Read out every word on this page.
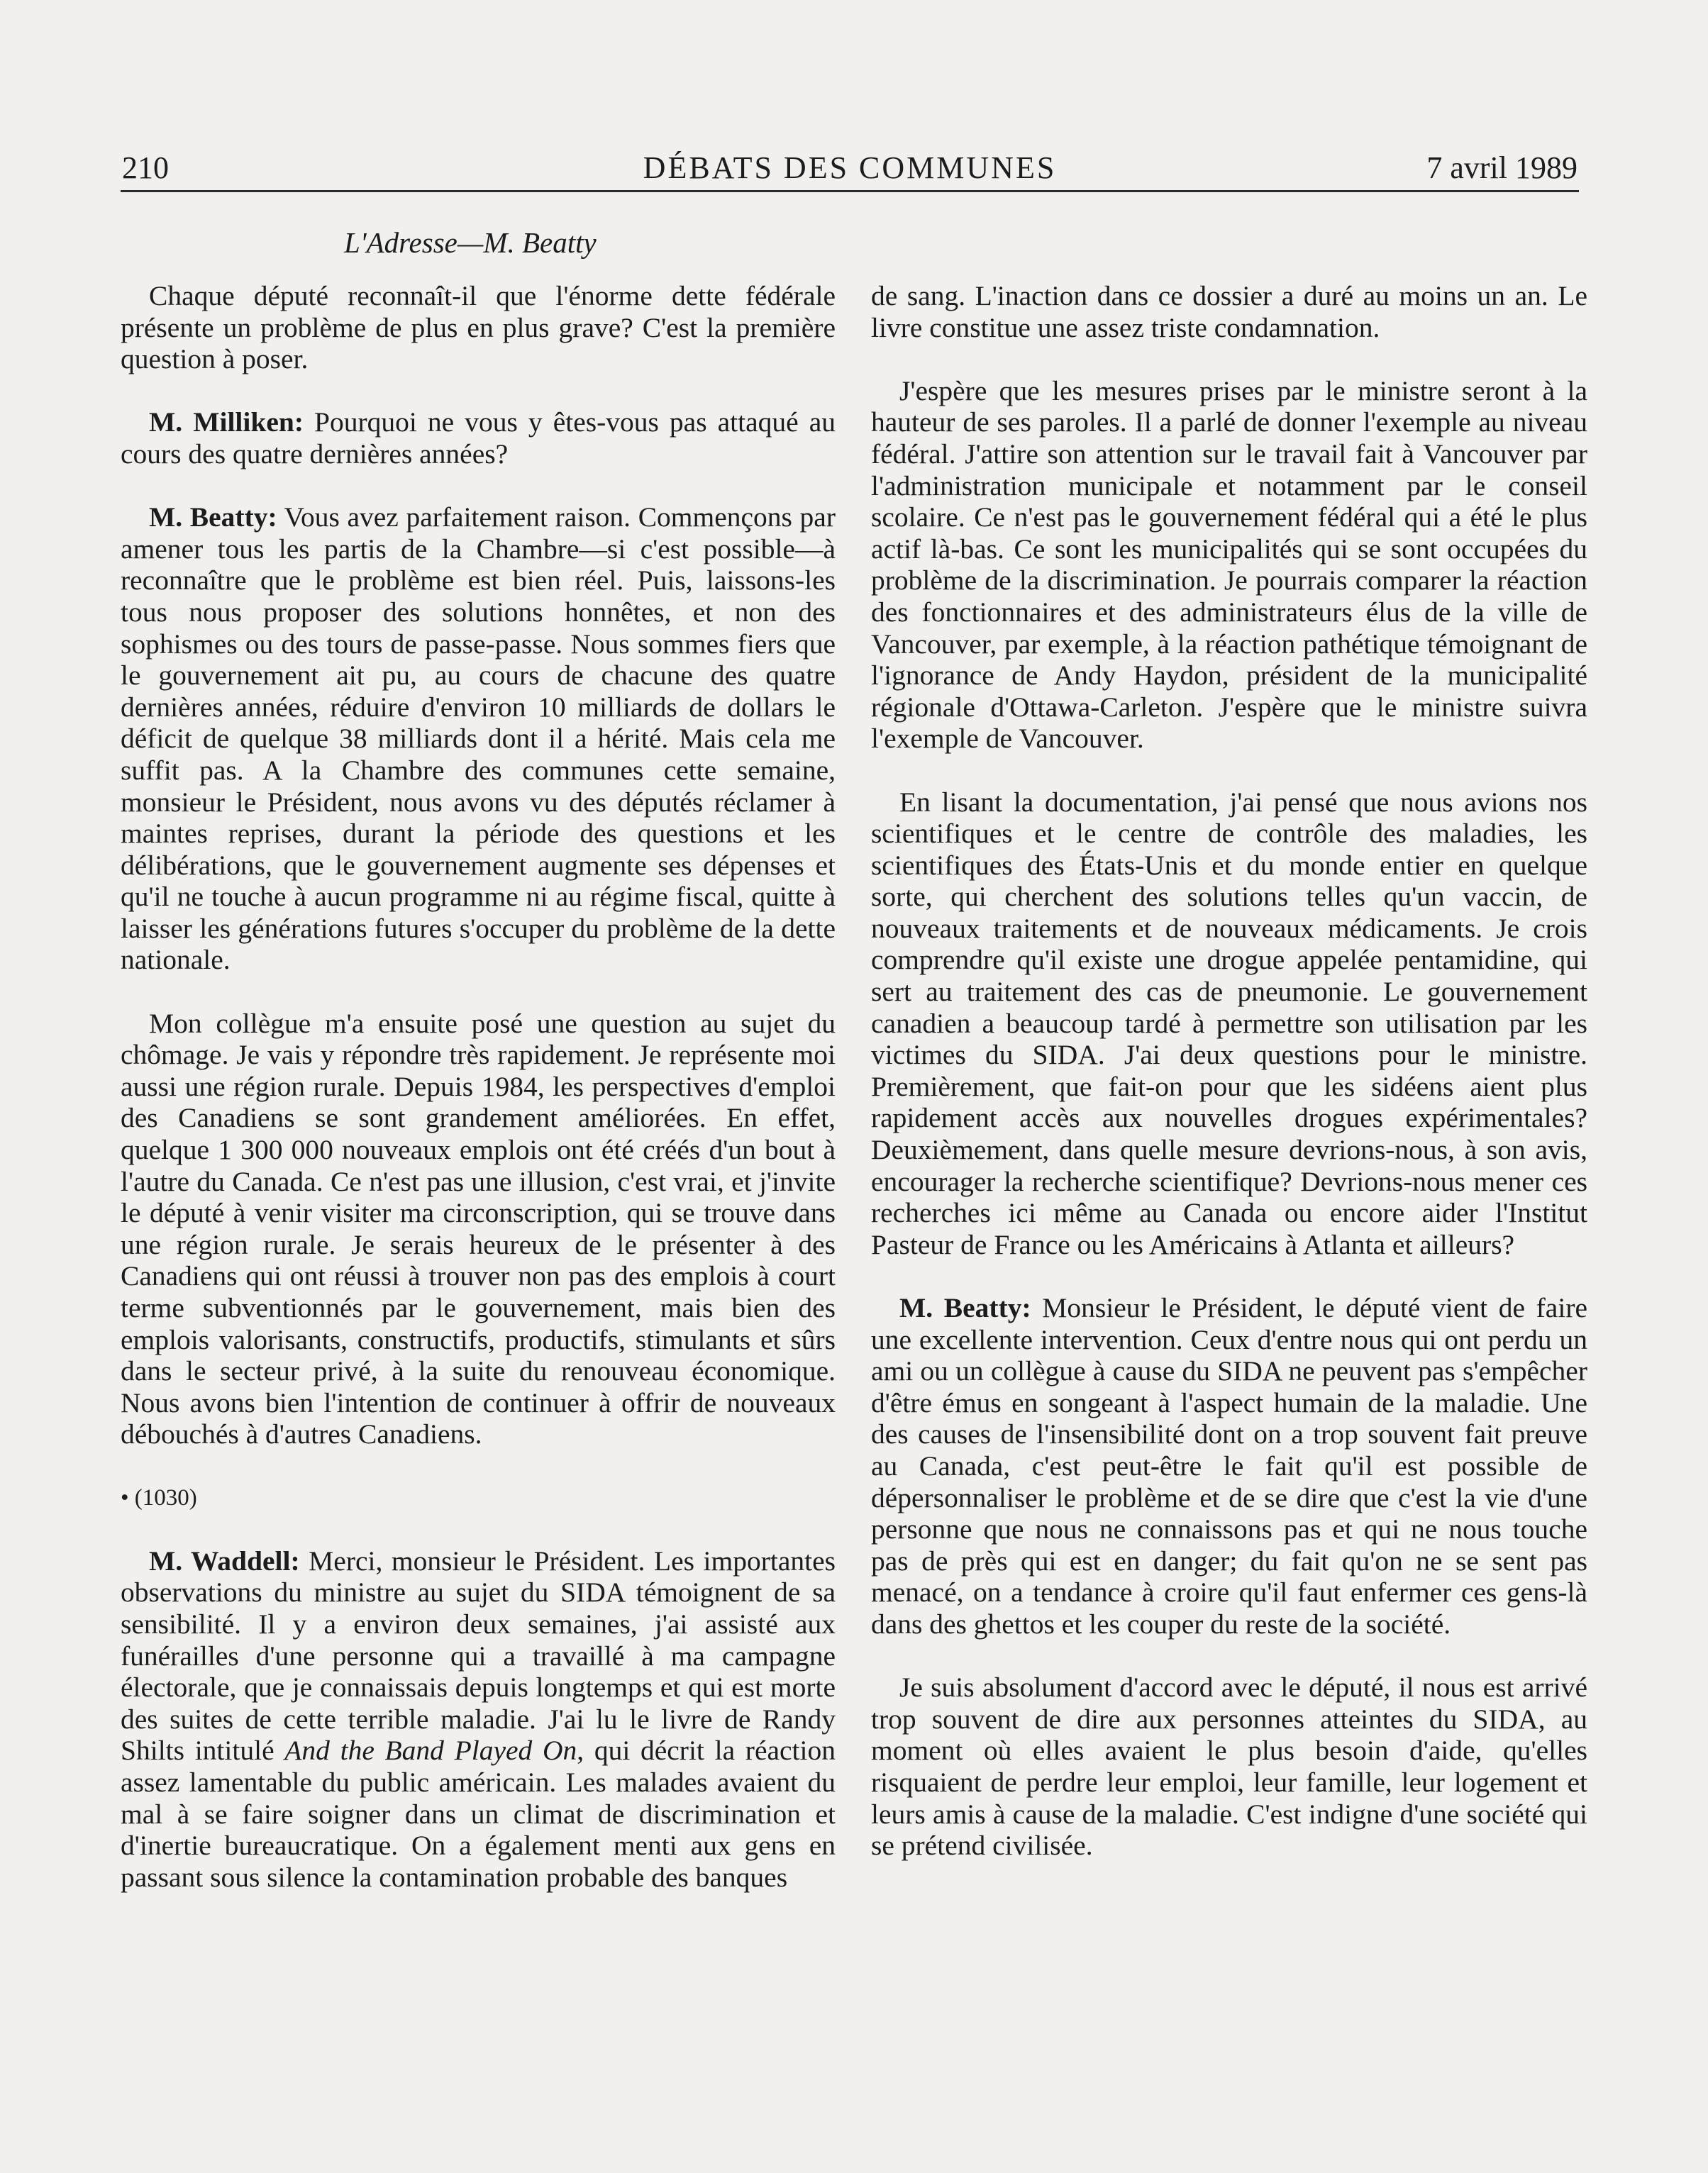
210	DÉBATS DES COMMUNES	7 avril 1989
L'Adresse—M. Beatty

Chaque député reconnaît-il que l'énorme dette fédérale présente un problème de plus en plus grave? C'est la première question à poser.

M. Milliken: Pourquoi ne vous y êtes-vous pas attaqué au cours des quatre dernières années?

M. Beatty: Vous avez parfaitement raison. Commençons par amener tous les partis de la Chambre—si c'est possible—à reconnaître que le problème est bien réel. Puis, laissons-les tous nous proposer des solutions honnêtes, et non des sophismes ou des tours de passe-passe. Nous sommes fiers que le gouvernement ait pu, au cours de chacune des quatre dernières années, réduire d'environ 10 milliards de dollars le déficit de quelque 38 milliards dont il a hérité. Mais cela me suffit pas. A la Chambre des communes cette semaine, monsieur le Président, nous avons vu des députés réclamer à maintes reprises, durant la période des questions et les délibérations, que le gouvernement augmente ses dépenses et qu'il ne touche à aucun programme ni au régime fiscal, quitte à laisser les générations futures s'occuper du problème de la dette nationale.

Mon collègue m'a ensuite posé une question au sujet du chômage. Je vais y répondre très rapidement. Je représente moi aussi une région rurale. Depuis 1984, les perspectives d'emploi des Canadiens se sont grandement améliorées. En effet, quelque 1 300 000 nouveaux emplois ont été créés d'un bout à l'autre du Canada. Ce n'est pas une illusion, c'est vrai, et j'invite le député à venir visiter ma circonscription, qui se trouve dans une région rurale. Je serais heureux de le présenter à des Canadiens qui ont réussi à trouver non pas des emplois à court terme subventionnés par le gouvernement, mais bien des emplois valorisants, constructifs, productifs, stimulants et sûrs dans le secteur privé, à la suite du renouveau économique. Nous avons bien l'intention de continuer à offrir de nouveaux débouchés à d'autres Canadiens.

• (1030)

M. Waddell: Merci, monsieur le Président. Les importantes observations du ministre au sujet du SIDA témoignent de sa sensibilité. Il y a environ deux semaines, j'ai assisté aux funérailles d'une personne qui a travaillé à ma campagne électorale, que je connaissais depuis longtemps et qui est morte des suites de cette terrible maladie. J'ai lu le livre de Randy Shilts intitulé And the Band Played On, qui décrit la réaction assez lamentable du public américain. Les malades avaient du mal à se faire soigner dans un climat de discrimination et d'inertie bureaucratique. On a également menti aux gens en passant sous silence la contamination probable des banques

de sang. L'inaction dans ce dossier a duré au moins un an. Le livre constitue une assez triste condamnation.

J'espère que les mesures prises par le ministre seront à la hauteur de ses paroles. Il a parlé de donner l'exemple au niveau fédéral. J'attire son attention sur le travail fait à Vancouver par l'administration municipale et notamment par le conseil scolaire. Ce n'est pas le gouvernement fédéral qui a été le plus actif là-bas. Ce sont les municipalités qui se sont occupées du problème de la discrimination. Je pourrais comparer la réaction des fonctionnaires et des administrateurs élus de la ville de Vancouver, par exemple, à la réaction pathétique témoignant de l'ignorance de Andy Haydon, président de la municipalité régionale d'Ottawa-Carleton. J'espère que le ministre suivra l'exemple de Vancouver.

En lisant la documentation, j'ai pensé que nous avions nos scientifiques et le centre de contrôle des maladies, les scientifiques des États-Unis et du monde entier en quelque sorte, qui cherchent des solutions telles qu'un vaccin, de nouveaux traitements et de nouveaux médicaments. Je crois comprendre qu'il existe une drogue appelée pentamidine, qui sert au traitement des cas de pneumonie. Le gouvernement canadien a beaucoup tardé à permettre son utilisation par les victimes du SIDA. J'ai deux questions pour le ministre. Premièrement, que fait-on pour que les sidéens aient plus rapidement accès aux nouvelles drogues expérimentales? Deuxièmement, dans quelle mesure devrions-nous, à son avis, encourager la recherche scientifique? Devrions-nous mener ces recherches ici même au Canada ou encore aider l'Institut Pasteur de France ou les Américains à Atlanta et ailleurs?

M. Beatty: Monsieur le Président, le député vient de faire une excellente intervention. Ceux d'entre nous qui ont perdu un ami ou un collègue à cause du SIDA ne peuvent pas s'empêcher d'être émus en songeant à l'aspect humain de la maladie. Une des causes de l'insensibilité dont on a trop souvent fait preuve au Canada, c'est peut-être le fait qu'il est possible de dépersonnaliser le problème et de se dire que c'est la vie d'une personne que nous ne connaissons pas et qui ne nous touche pas de près qui est en danger; du fait qu'on ne se sent pas menacé, on a tendance à croire qu'il faut enfermer ces gens-là dans des ghettos et les couper du reste de la société.

Je suis absolument d'accord avec le député, il nous est arrivé trop souvent de dire aux personnes atteintes du SIDA, au moment où elles avaient le plus besoin d'aide, qu'elles risquaient de perdre leur emploi, leur famille, leur logement et leurs amis à cause de la maladie. C'est indigne d'une société qui se prétend civilisée.
